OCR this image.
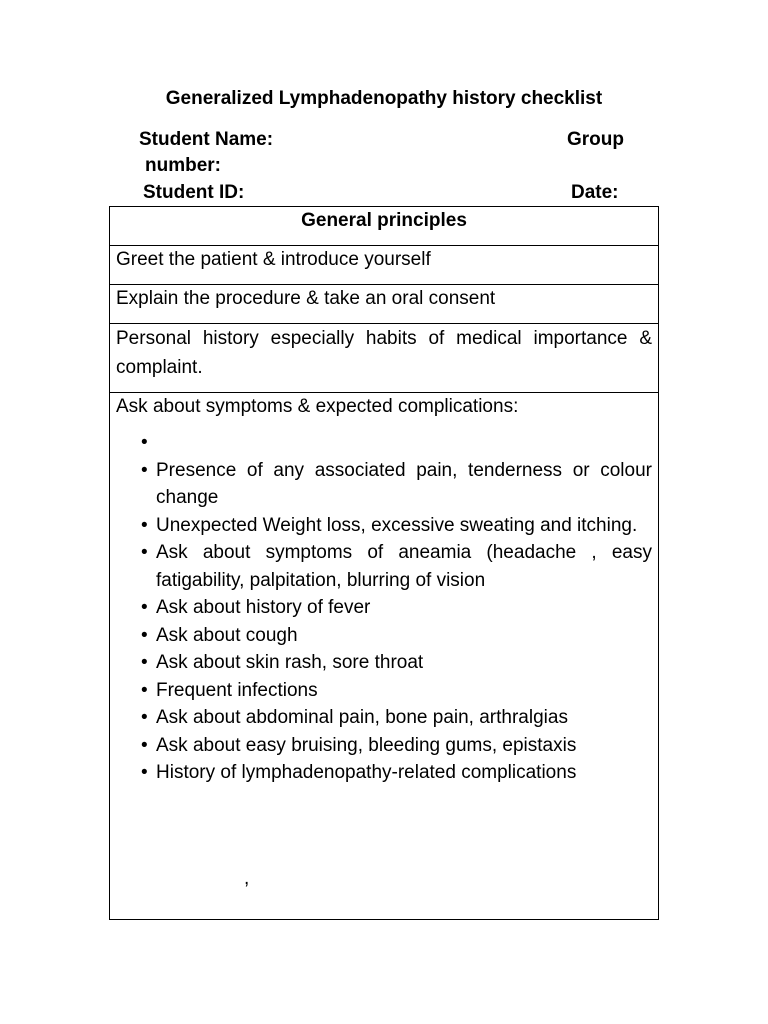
Generalized Lymphadenopathy history checklist
Student Name:	Group
number:
Student ID:	Date:
General principles
Greet the patient & introduce yourself
Explain the procedure & take an oral consent
Personal history especially habits of medical importance & complaint.

Ask about symptoms & expected complications:
•

• Presence of any associated pain, tenderness or colour change
• Unexpected Weight loss, excessive sweating and itching.
• Ask about symptoms of aneamia (headache , easy fatigability, palpitation, blurring of vision
• Ask about history of fever
• Ask about cough
• Ask about skin rash, sore throat
• Frequent infections
• Ask about abdominal pain, bone pain, arthralgias
• Ask about easy bruising, bleeding gums, epistaxis
• History of lymphadenopathy-related complications
,
